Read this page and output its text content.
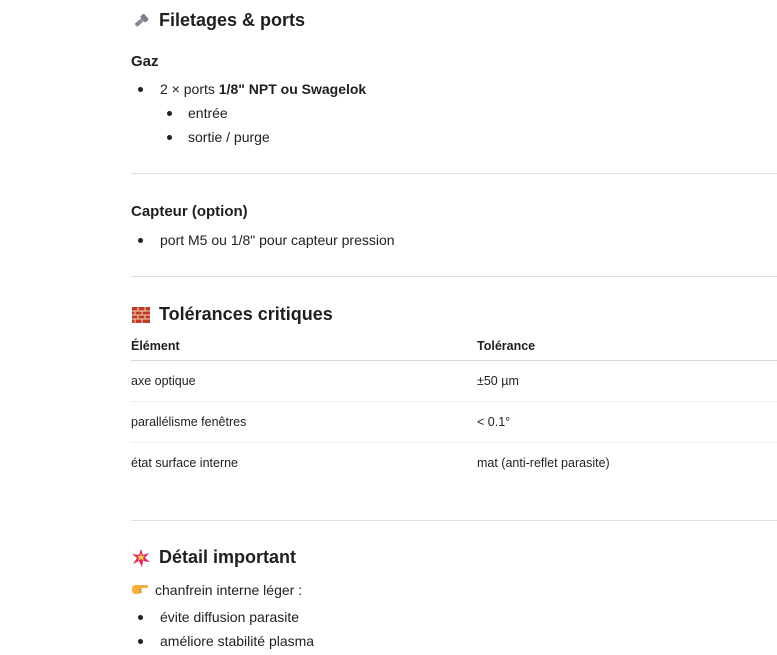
Filetages & ports
Gaz
2 × ports 1/8" NPT ou Swagelok
entrée
sortie / purge
Capteur (option)
port M5 ou 1/8" pour capteur pression
Tolérances critiques
Élément	Tolérance
axe optique	±50 µm
parallélisme fenêtres	< 0.1°
état surface interne	mat (anti-reflet parasite)
Détail important
chanfrein interne léger :
évite diffusion parasite
améliore stabilité plasma
